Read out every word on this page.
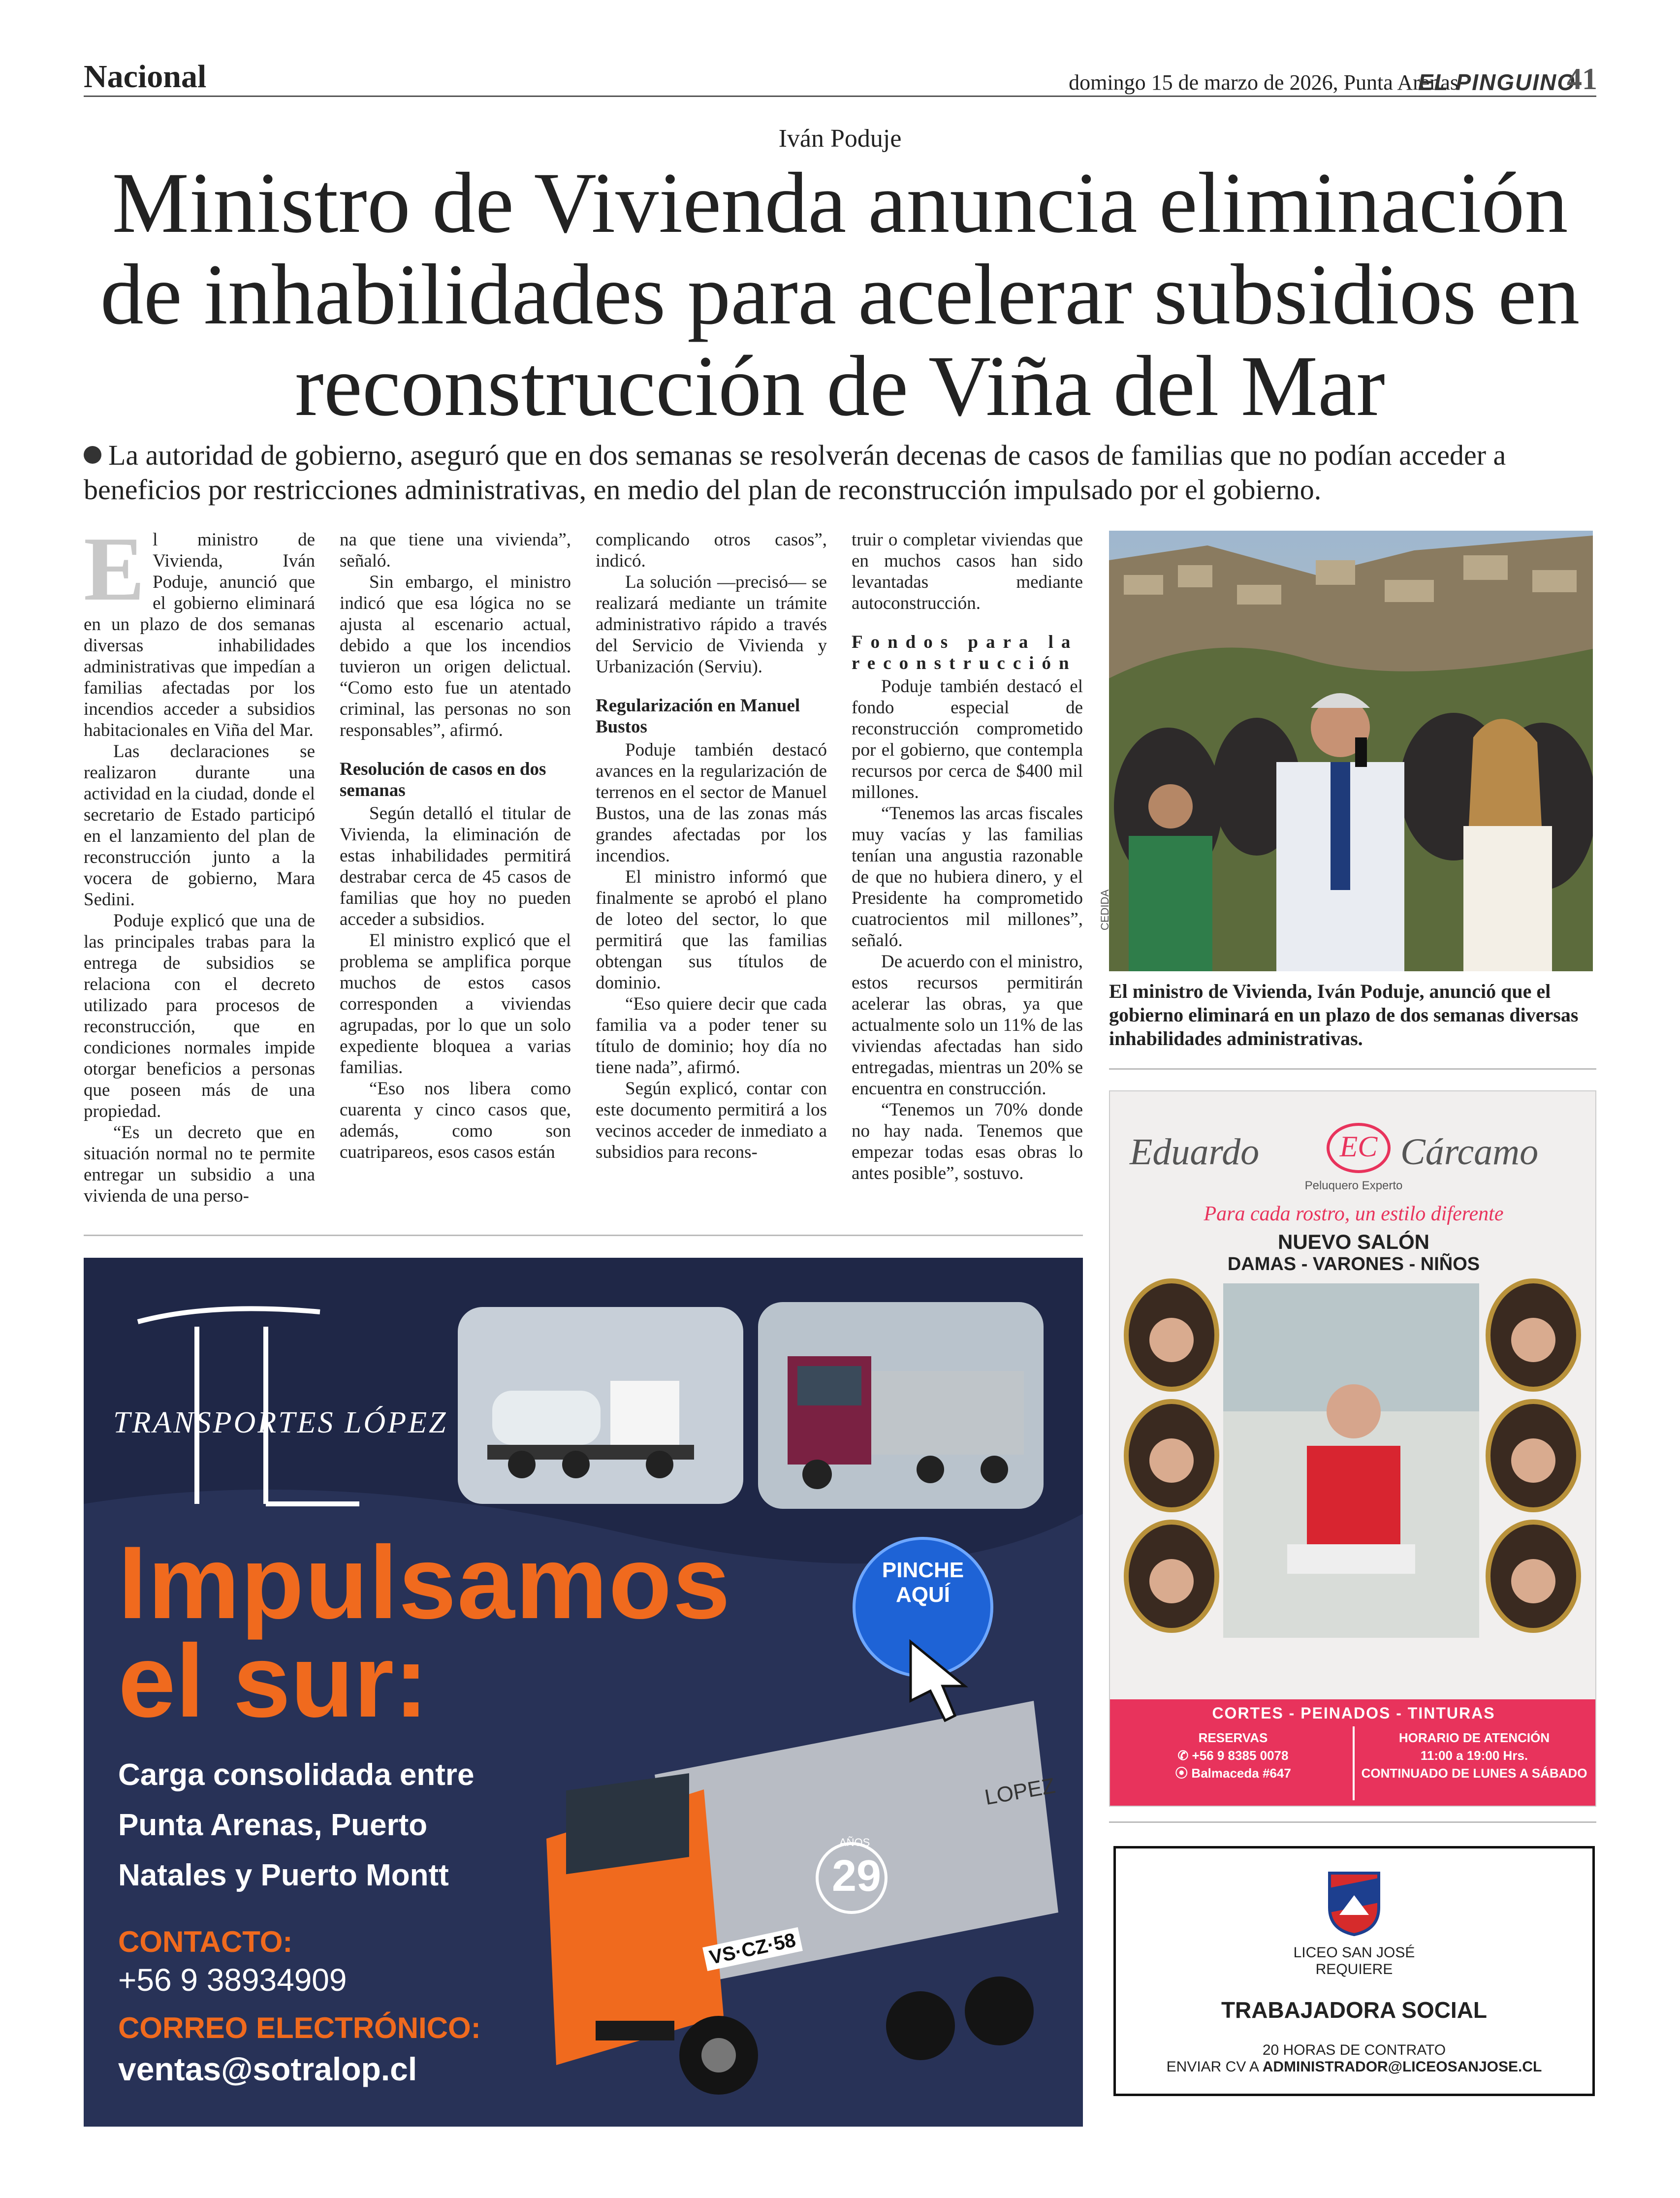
Nacional	domingo 15 de marzo de 2026, Punta Arenas
EL PINGUINO
41
Iván Poduje
Ministro de Vivienda anuncia eliminación de inhabilidades para acelerar subsidios en reconstrucción de Viña del Mar
La autoridad de gobierno, aseguró que en dos semanas se resolverán decenas de casos de familias que no podían acceder a beneficios por restricciones administrativas, en medio del plan de reconstrucción impulsado por el gobierno.
E l ministro de Vivienda, Iván Poduje, anunció que el gobierno eliminará en un plazo de dos semanas diversas inhabilidades administrativas que impedían a familias afectadas por los incendios acceder a subsidios habitacionales en Viña del Mar.

Las declaraciones se realizaron durante una actividad en la ciudad, donde el secretario de Estado participó en el lanzamiento del plan de reconstrucción junto a la vocera de gobierno, Mara Sedini.

Poduje explicó que una de las principales trabas para la entrega de subsidios se relaciona con el decreto utilizado para procesos de reconstrucción, que en condiciones normales impide otorgar beneficios a personas que poseen más de una propiedad.

“Es un decreto que en situación normal no te permite entregar un subsidio a una vivienda de una perso-

na que tiene una vivienda”, señaló.

Sin embargo, el ministro indicó que esa lógica no se ajusta al escenario actual, debido a que los incendios tuvieron un origen delictual. “Como esto fue un atentado criminal, las personas no son responsables”, afirmó.

Resolución de casos en dos semanas

Según detalló el titular de Vivienda, la eliminación de estas inhabilidades permitirá destrabar cerca de 45 casos de familias que hoy no pueden acceder a subsidios.

El ministro explicó que el problema se amplifica porque muchos de estos casos corresponden a viviendas agrupadas, por lo que un solo expediente bloquea a varias familias.

“Eso nos libera como cuarenta y cinco casos que, además, como son cuatripareos, esos casos están

complicando otros casos”, indicó.

La solución —precisó— se realizará mediante un trámite administrativo rápido a través del Servicio de Vivienda y Urbanización (Serviu).

Regularización en Manuel Bustos

Poduje también destacó avances en la regularización de terrenos en el sector de Manuel Bustos, una de las zonas más grandes afectadas por los incendios.

El ministro informó que finalmente se aprobó el plano de loteo del sector, lo que permitirá que las familias obtengan sus títulos de dominio.

“Eso quiere decir que cada familia va a poder tener su título de dominio; hoy día no tiene nada”, afirmó.

Según explicó, contar con este documento permitirá a los vecinos acceder de inmediato a subsidios para recons-

truir o completar viviendas que en muchos casos han sido levantadas mediante autoconstrucción.

Fondos para la reconstrucción

Poduje también destacó el fondo especial de reconstrucción comprometido por el gobierno, que contempla recursos por cerca de $400 mil millones.

“Tenemos las arcas fiscales muy vacías y las familias tenían una angustia razonable de que no hubiera dinero, y el Presidente ha comprometido cuatrocientos mil millones”, señaló.

De acuerdo con el ministro, estos recursos permitirán acelerar las obras, ya que actualmente solo un 11% de las viviendas afectadas han sido entregadas, mientras un 20% se encuentra en construcción.

“Tenemos un 70% donde no hay nada. Tenemos que empezar todas esas obras lo antes posible”, sostuvo.

CEDIDA
El ministro de Vivienda, Iván Poduje, anunció que el gobierno eliminará en un plazo de dos semanas diversas inhabilidades administrativas.
TRANSPORTES LÓPEZ
Impulsamos
el sur:
Carga consolidada entre
Punta Arenas, Puerto
Natales y Puerto Montt
CONTACTO:
+56 9 38934909
CORREO ELECTRÓNICO:
ventas@sotralop.cl
PINCHE
AQUÍ
VS·CZ·58
LOPEZ
29
AÑOS
Eduardo	EC Cárcamo
Peluquero Experto
Para cada rostro, un estilo diferente
NUEVO SALÓN
DAMAS - VARONES - NIÑOS
CORTES - PEINADOS - TINTURAS
RESERVAS
✆ +56 9 8385 0078
⦿ Balmaceda #647
HORARIO DE ATENCIÓN
11:00 a 19:00 Hrs.
CONTINUADO DE LUNES A SÁBADO
LICEO SAN JOSÉ
REQUIERE
TRABAJADORA SOCIAL
20 HORAS DE CONTRATO
ENVIAR CV A ADMINISTRADOR@LICEOSANJOSE.CL
